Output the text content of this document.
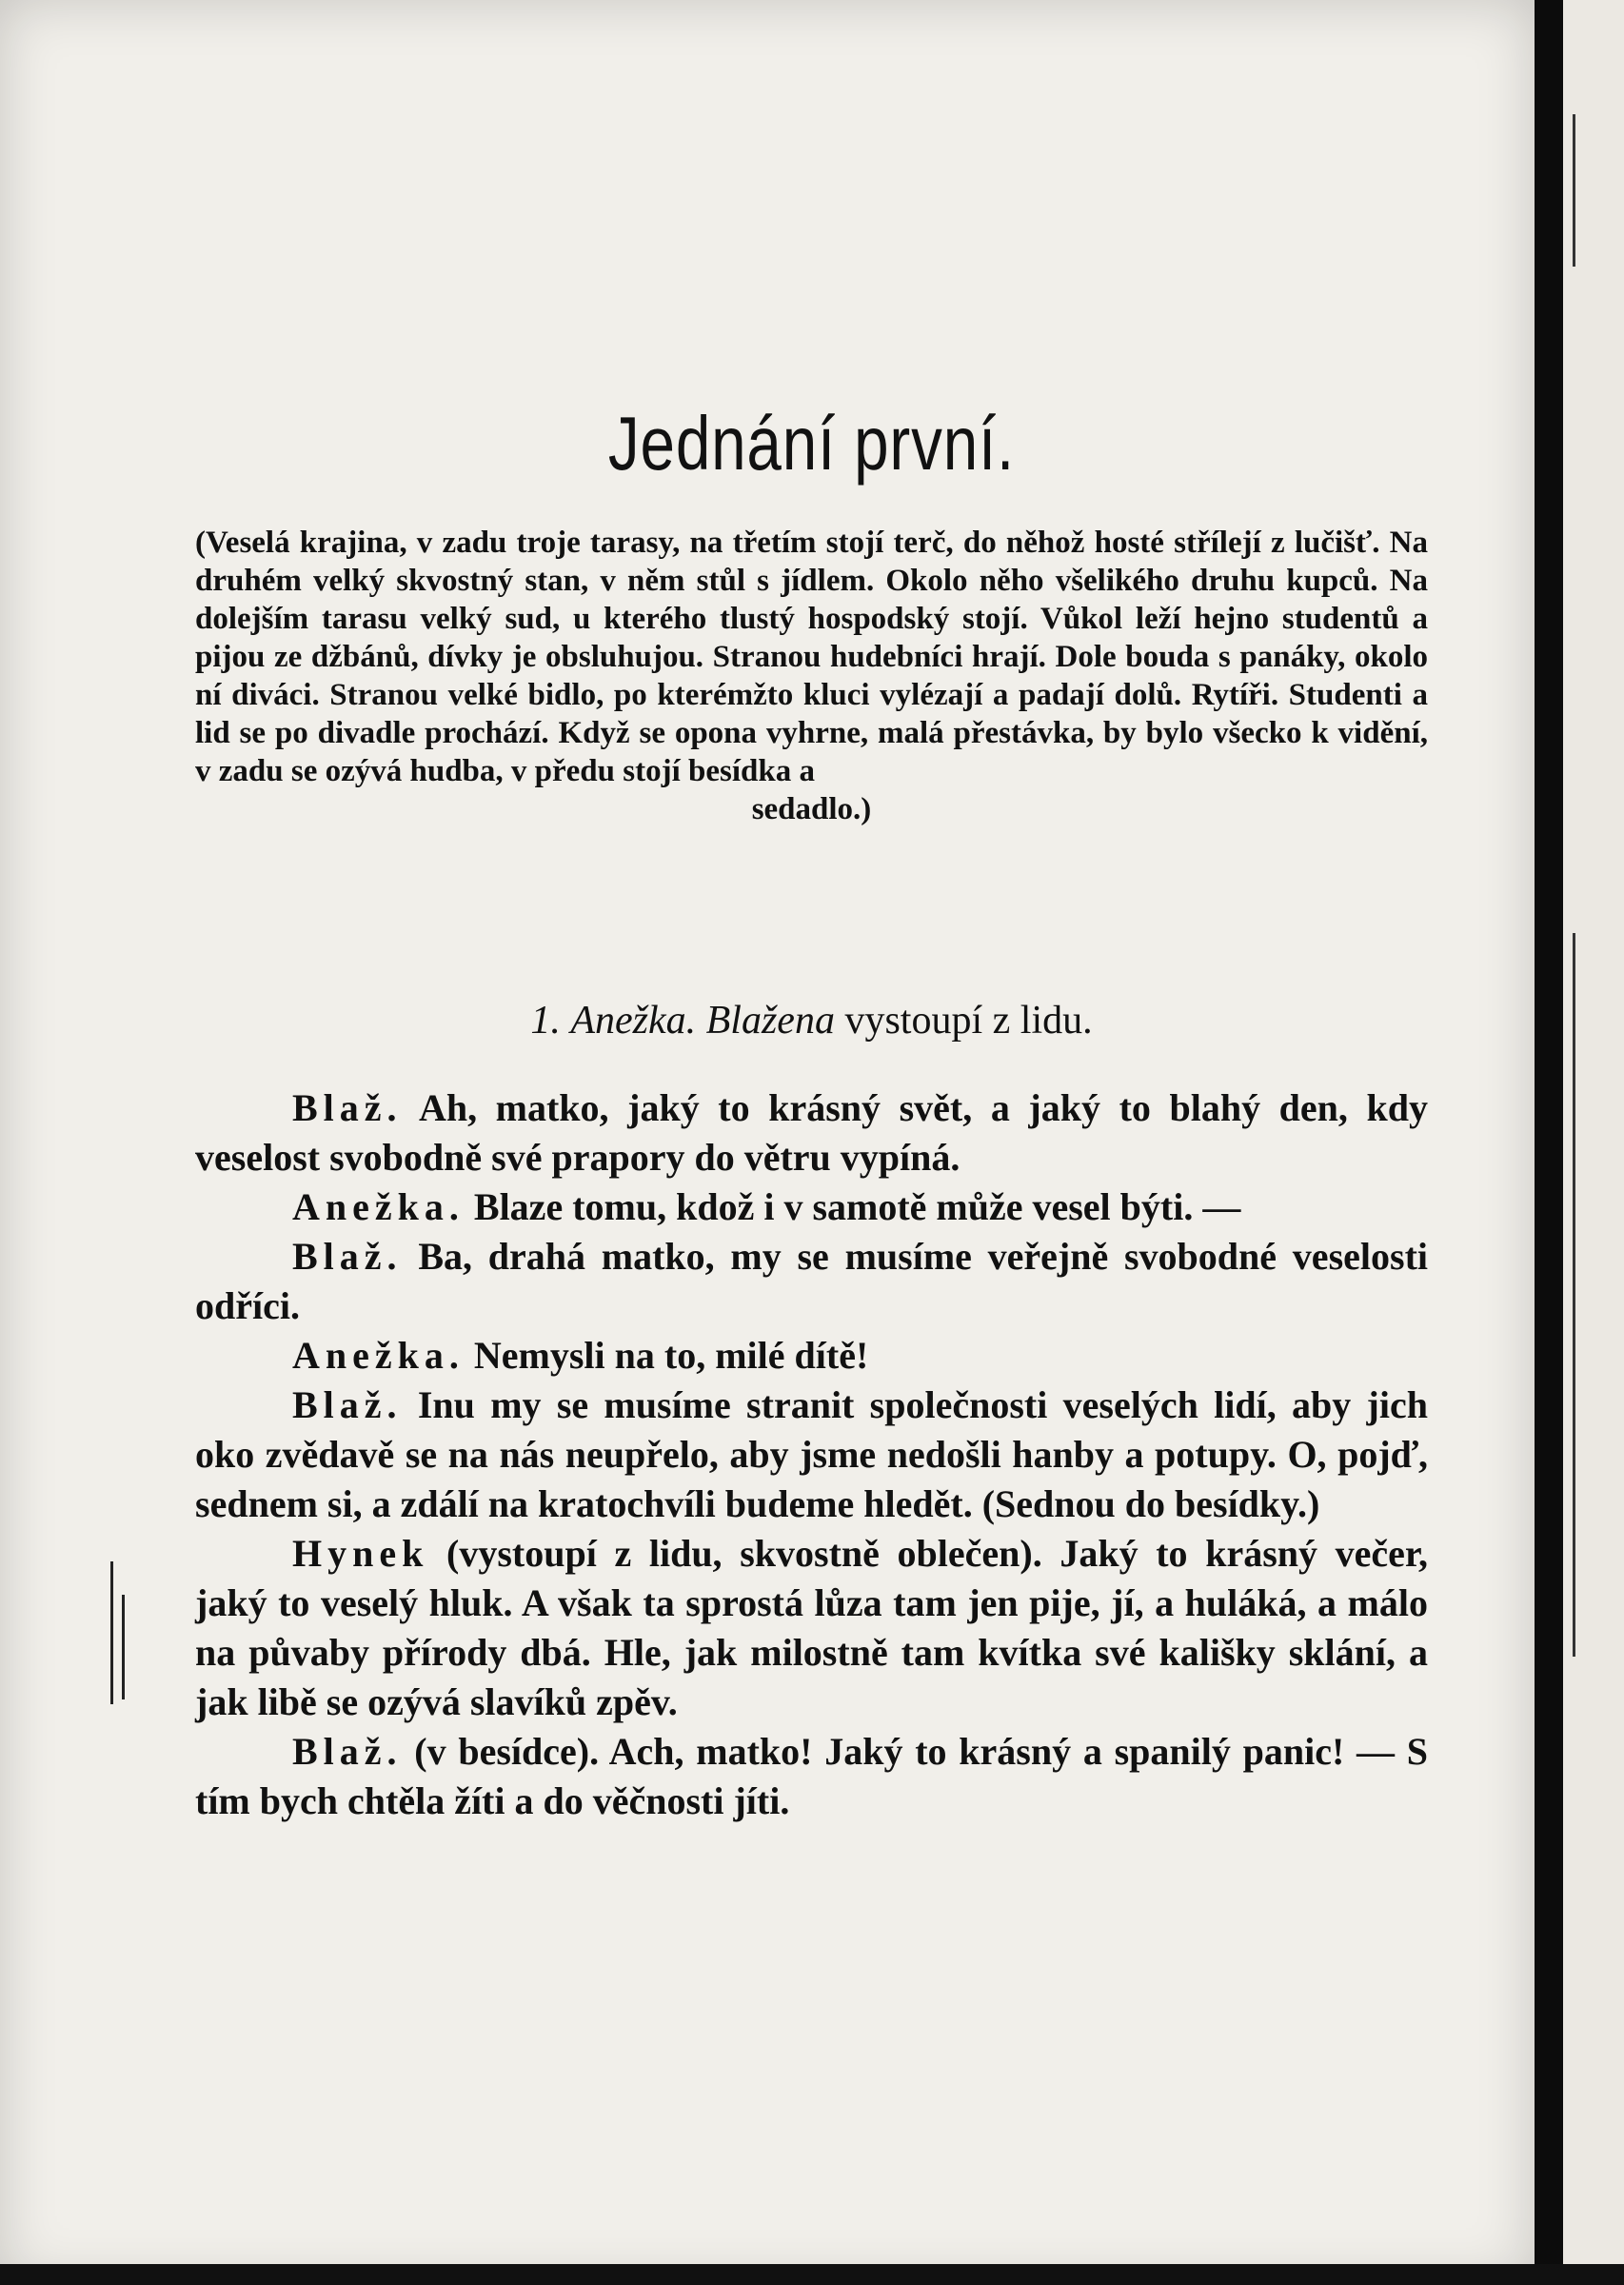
Jednání první.
(Veselá krajina, v zadu troje tarasy, na třetím stojí terč, do něhož hosté střílejí z lučišť. Na druhém velký skvostný stan, v něm stůl s jídlem. Okolo něho všelikého druhu kupců. Na dolejším tarasu velký sud, u kterého tlustý hospodský stojí. Vůkol leží hejno studentů a pijou ze džbánů, dívky je obsluhujou. Stranou hudebníci hrají. Dole bouda s panáky, okolo ní diváci. Stranou velké bidlo, po kterémžto kluci vylézají a padají dolů. Rytíři. Studenti a lid se po divadle prochází. Když se opona vyhrne, malá přestávka, by bylo všecko k vidění, v zadu se ozývá hudba, v předu stojí besídka a
sedadlo.)
1. Anežka. Blažena vystoupí z lidu.

Blaž. Ah, matko, jaký to krásný svět, a jaký to blahý den, kdy veselost svobodně své prapory do větru vypíná.

Anežka. Blaze tomu, kdož i v samotě může vesel býti. —

Blaž. Ba, drahá matko, my se musíme veřejně svobodné veselosti odříci.

Anežka. Nemysli na to, milé dítě!

Blaž. Inu my se musíme stranit společnosti veselých lidí, aby jich oko zvědavě se na nás neupřelo, aby jsme nedošli hanby a potupy. O, pojď, sednem si, a zdálí na kratochvíli budeme hledět. (Sednou do besídky.)

Hynek (vystoupí z lidu, skvostně oblečen). Jaký to krásný večer, jaký to veselý hluk. A však ta sprostá lůza tam jen pije, jí, a huláká, a málo na půvaby přírody dbá. Hle, jak milostně tam kvítka své kališky sklání, a jak libě se ozývá slavíků zpěv.

Blaž. (v besídce). Ach, matko! Jaký to krásný a spanilý panic! — S tím bych chtěla žíti a do věčnosti jíti.
